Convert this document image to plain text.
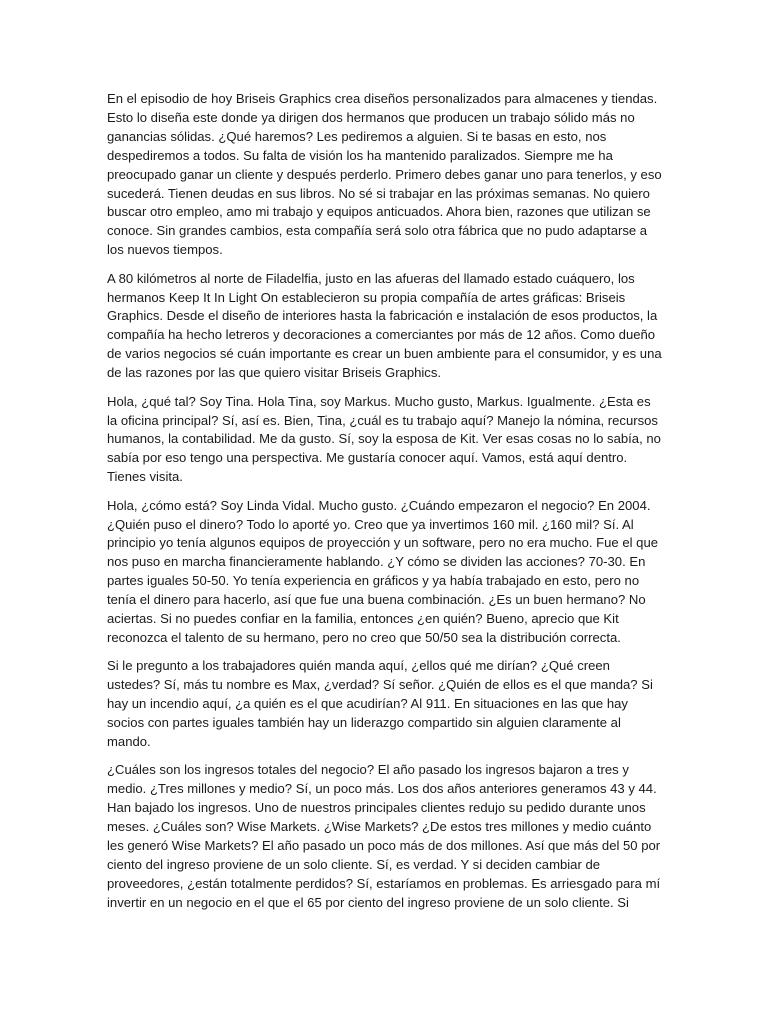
En el episodio de hoy Briseis Graphics crea diseños personalizados para almacenes y tiendas. Esto lo diseña este donde ya dirigen dos hermanos que producen un trabajo sólido más no ganancias sólidas. ¿Qué haremos? Les pediremos a alguien. Si te basas en esto, nos despediremos a todos. Su falta de visión los ha mantenido paralizados. Siempre me ha preocupado ganar un cliente y después perderlo. Primero debes ganar uno para tenerlos, y eso sucederá. Tienen deudas en sus libros. No sé si trabajar en las próximas semanas. No quiero buscar otro empleo, amo mi trabajo y equipos anticuados. Ahora bien, razones que utilizan se conoce. Sin grandes cambios, esta compañía será solo otra fábrica que no pudo adaptarse a los nuevos tiempos.

A 80 kilómetros al norte de Filadelfia, justo en las afueras del llamado estado cuáquero, los hermanos Keep It In Light On establecieron su propia compañía de artes gráficas: Briseis Graphics. Desde el diseño de interiores hasta la fabricación e instalación de esos productos, la compañía ha hecho letreros y decoraciones a comerciantes por más de 12 años. Como dueño de varios negocios sé cuán importante es crear un buen ambiente para el consumidor, y es una de las razones por las que quiero visitar Briseis Graphics.

Hola, ¿qué tal? Soy Tina. Hola Tina, soy Markus. Mucho gusto, Markus. Igualmente. ¿Esta es la oficina principal? Sí, así es. Bien, Tina, ¿cuál es tu trabajo aquí? Manejo la nómina, recursos humanos, la contabilidad. Me da gusto. Sí, soy la esposa de Kit. Ver esas cosas no lo sabía, no sabía por eso tengo una perspectiva. Me gustaría conocer aquí. Vamos, está aquí dentro. Tienes visita.

Hola, ¿cómo está? Soy Linda Vidal. Mucho gusto. ¿Cuándo empezaron el negocio? En 2004. ¿Quién puso el dinero? Todo lo aporté yo. Creo que ya invertimos 160 mil. ¿160 mil? Sí. Al principio yo tenía algunos equipos de proyección y un software, pero no era mucho. Fue el que nos puso en marcha financieramente hablando. ¿Y cómo se dividen las acciones? 70-30. En partes iguales 50-50. Yo tenía experiencia en gráficos y ya había trabajado en esto, pero no tenía el dinero para hacerlo, así que fue una buena combinación. ¿Es un buen hermano? No aciertas. Si no puedes confiar en la familia, entonces ¿en quién? Bueno, aprecio que Kit reconozca el talento de su hermano, pero no creo que 50/50 sea la distribución correcta.

Si le pregunto a los trabajadores quién manda aquí, ¿ellos qué me dirían? ¿Qué creen ustedes? Sí, más tu nombre es Max, ¿verdad? Sí señor. ¿Quién de ellos es el que manda? Si hay un incendio aquí, ¿a quién es el que acudirían? Al 911. En situaciones en las que hay socios con partes iguales también hay un liderazgo compartido sin alguien claramente al mando.

¿Cuáles son los ingresos totales del negocio? El año pasado los ingresos bajaron a tres y medio. ¿Tres millones y medio? Sí, un poco más. Los dos años anteriores generamos 43 y 44. Han bajado los ingresos. Uno de nuestros principales clientes redujo su pedido durante unos meses. ¿Cuáles son? Wise Markets. ¿Wise Markets? ¿De estos tres millones y medio cuánto les generó Wise Markets? El año pasado un poco más de dos millones. Así que más del 50 por ciento del ingreso proviene de un solo cliente. Sí, es verdad. Y si deciden cambiar de proveedores, ¿están totalmente perdidos? Sí, estaríamos en problemas. Es arriesgado para mí invertir en un negocio en el que el 65 por ciento del ingreso proviene de un solo cliente. Si
